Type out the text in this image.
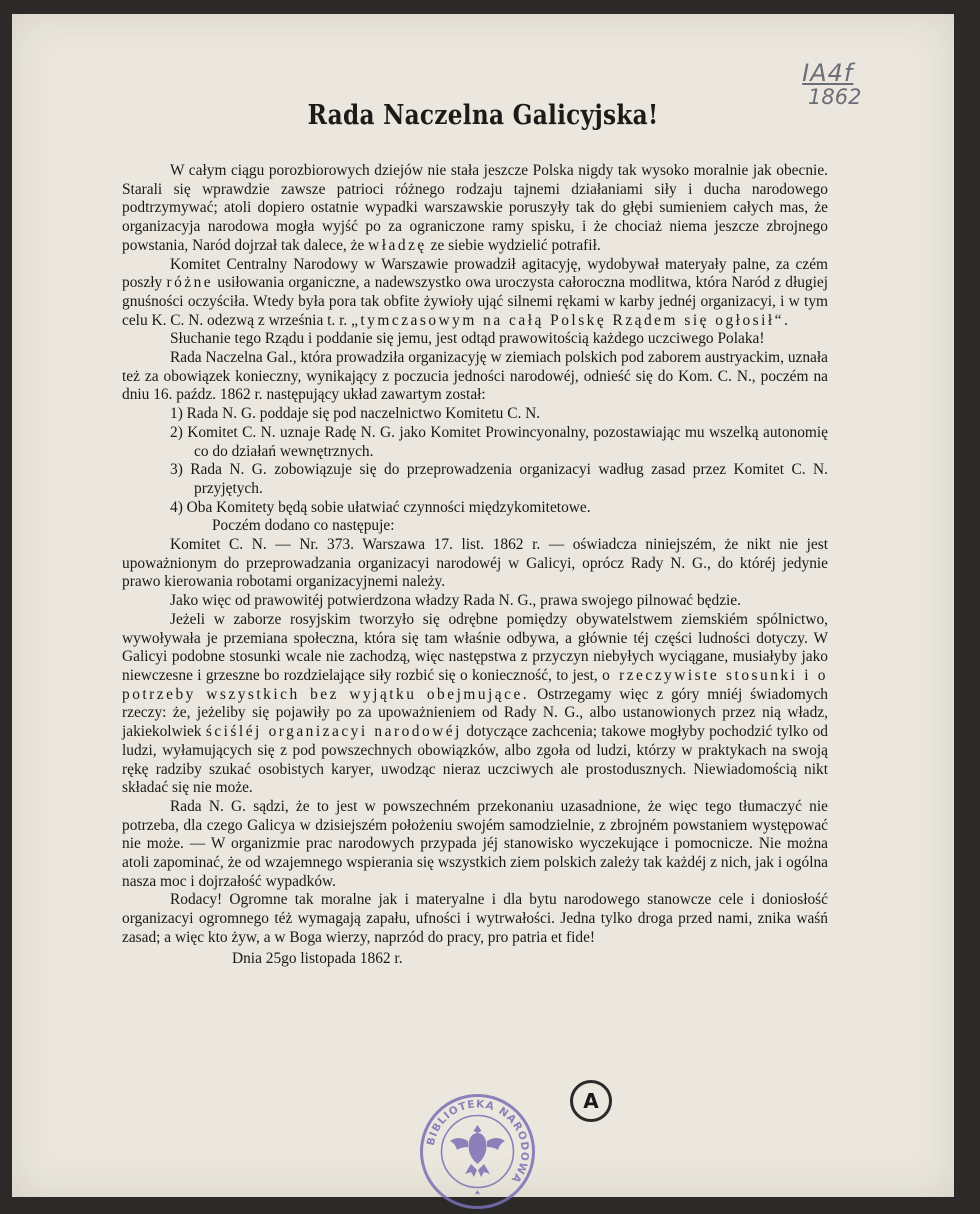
IA4f
1862
Rada Naczelna Galicyjska!

W całym ciągu porozbiorowych dziejów nie stała jeszcze Polska nigdy tak wysoko moralnie jak obecnie. Starali się wprawdzie zawsze patrioci różnego rodzaju tajnemi działaniami siły i ducha narodowego podtrzymywać; atoli dopiero ostatnie wypadki warszawskie poruszyły tak do głębi sumieniem całych mas, że organizacyja narodowa mogła wyjść po za ograniczone ramy spisku, i że chociaż niema jeszcze zbrojnego powstania, Naród dojrzał tak dalece, że władzę ze siebie wydzielić potrafił.

Komitet Centralny Narodowy w Warszawie prowadził agitacyję, wydobywał materyały palne, za czém poszły różne usiłowania organiczne, a nadewszystko owa uroczysta całoroczna modlitwa, która Naród z długiej gnuśności oczyściła. Wtedy była pora tak obfite żywioły ująć silnemi rękami w karby jednéj organizacyi, i w tym celu K. C. N. odezwą z września t. r. „tymczasowym na całą Polskę Rządem się ogłosił“.

Słuchanie tego Rządu i poddanie się jemu, jest odtąd prawowitością każdego uczciwego Polaka!

Rada Naczelna Gal., która prowadziła organizacyję w ziemiach polskich pod zaborem austryackim, uznała też za obowiązek konieczny, wynikający z poczucia jedności narodowéj, odnieść się do Kom. C. N., poczém na dniu 16. paźdz. 1862 r. następujący układ zawartym został:

1) Rada N. G. poddaje się pod naczelnictwo Komitetu C. N.
2) Komitet C. N. uznaje Radę N. G. jako Komitet Prowincyonalny, pozostawiając mu wszelką autonomię co do działań wewnętrznych.
3) Rada N. G. zobowiązuje się do przeprowadzenia organizacyi wadług zasad przez Komitet C. N. przyjętych.
4) Oba Komitety będą sobie ułatwiać czynności międzykomitetowe.

Poczém dodano co następuje:

Komitet C. N. — Nr. 373. Warszawa 17. list. 1862 r. — oświadcza niniejszém, że nikt nie jest upoważnionym do przeprowadzania organizacyi narodowéj w Galicyi, oprócz Rady N. G., do któréj jedynie prawo kierowania robotami organizacyjnemi należy.

Jako więc od prawowitéj potwierdzona władzy Rada N. G., prawa swojego pilnować będzie.

Jeżeli w zaborze rosyjskim tworzyło się odrębne pomiędzy obywatelstwem ziemskiém spólnictwo, wywoływała je przemiana społeczna, która się tam właśnie odbywa, a głównie téj części ludności dotyczy. W Galicyi podobne stosunki wcale nie zachodzą, więc następstwa z przyczyn niebyłych wyciągane, musiałyby jako niewczesne i grzeszne bo rozdzielające siły rozbić się o konieczność, to jest, o rzeczywiste stosunki i o potrzeby wszystkich bez wyjątku obejmujące. Ostrzegamy więc z góry mniéj świadomych rzeczy: że, jeżeliby się pojawiły po za upoważnieniem od Rady N. G., albo ustanowionych przez nią władz, jakiekolwiek ściśléj organizacyi narodowéj dotyczące zachcenia; takowe mogłyby pochodzić tylko od ludzi, wyłamujących się z pod powszechnych obowiązków, albo zgoła od ludzi, którzy w praktykach na swoją rękę radziby szukać osobistych karyer, uwodząc nieraz uczciwych ale prostodusznych. Niewiadomością nikt składać się nie może.

Rada N. G. sądzi, że to jest w powszechném przekonaniu uzasadnione, że więc tego tłumaczyć nie potrzeba, dla czego Galicya w dzisiejszém położeniu swojém samodzielnie, z zbrojném powstaniem występować nie może. — W organizmie prac narodowych przypada jéj stanowisko wyczekujące i pomocnicze. Nie można atoli zapominać, że od wzajemnego wspierania się wszystkich ziem polskich zależy tak każdéj z nich, jak i ogólna nasza moc i dojrzałość wypadków.

Rodacy! Ogromne tak moralne jak i materyalne i dla bytu narodowego stanowcze cele i doniosłość organizacyi ogromnego téż wymagają zapału, ufności i wytrwałości. Jedna tylko droga przed nami, znika waśń zasad; a więc kto żyw, a w Boga wierzy, naprzód do pracy, pro patria et fide!

Dnia 25go listopada 1862 r.

A
BIBLIOTEKA NARODOWA
